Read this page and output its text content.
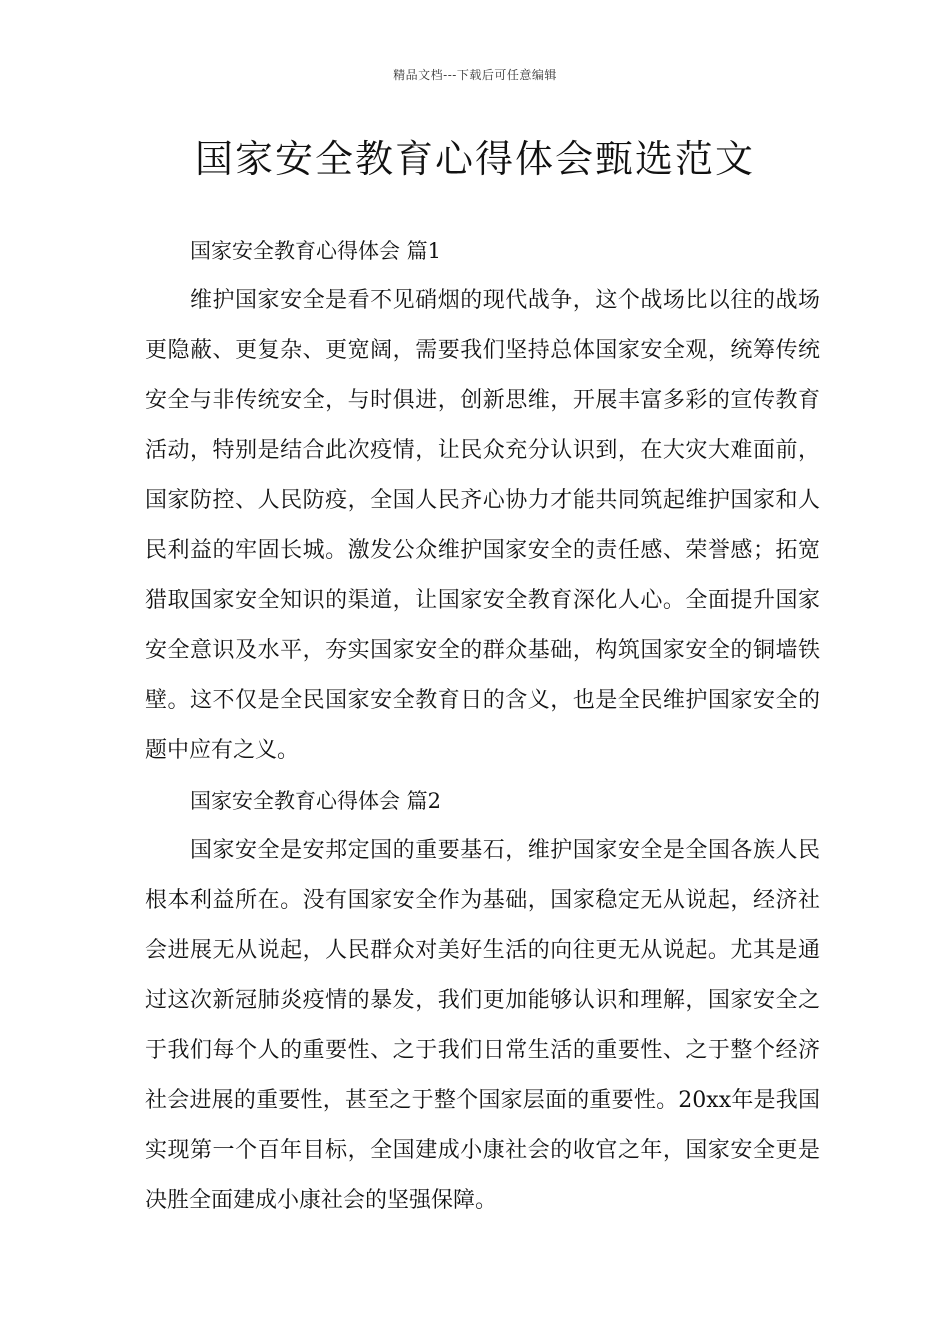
精品文档---下载后可任意编辑
国家安全教育心得体会甄选范文

国家安全教育心得体会 篇1

维护国家安全是看不见硝烟的现代战争，这个战场比以往的战场更隐蔽、更复杂、更宽阔，需要我们坚持总体国家安全观，统筹传统安全与非传统安全，与时俱进，创新思维，开展丰富多彩的宣传教育活动，特别是结合此次疫情，让民众充分认识到，在大灾大难面前，国家防控、人民防疫，全国人民齐心协力才能共同筑起维护国家和人民利益的牢固长城。激发公众维护国家安全的责任感、荣誉感；拓宽猎取国家安全知识的渠道，让国家安全教育深化人心。全面提升国家安全意识及水平，夯实国家安全的群众基础，构筑国家安全的铜墙铁壁。这不仅是全民国家安全教育日的含义，也是全民维护国家安全的题中应有之义。

国家安全教育心得体会 篇2

国家安全是安邦定国的重要基石，维护国家安全是全国各族人民根本利益所在。没有国家安全作为基础，国家稳定无从说起，经济社会进展无从说起，人民群众对美好生活的向往更无从说起。尤其是通过这次新冠肺炎疫情的暴发，我们更加能够认识和理解，国家安全之于我们每个人的重要性、之于我们日常生活的重要性、之于整个经济社会进展的重要性，甚至之于整个国家层面的重要性。20xx年是我国实现第一个百年目标，全国建成小康社会的收官之年，国家安全更是决胜全面建成小康社会的坚强保障。
